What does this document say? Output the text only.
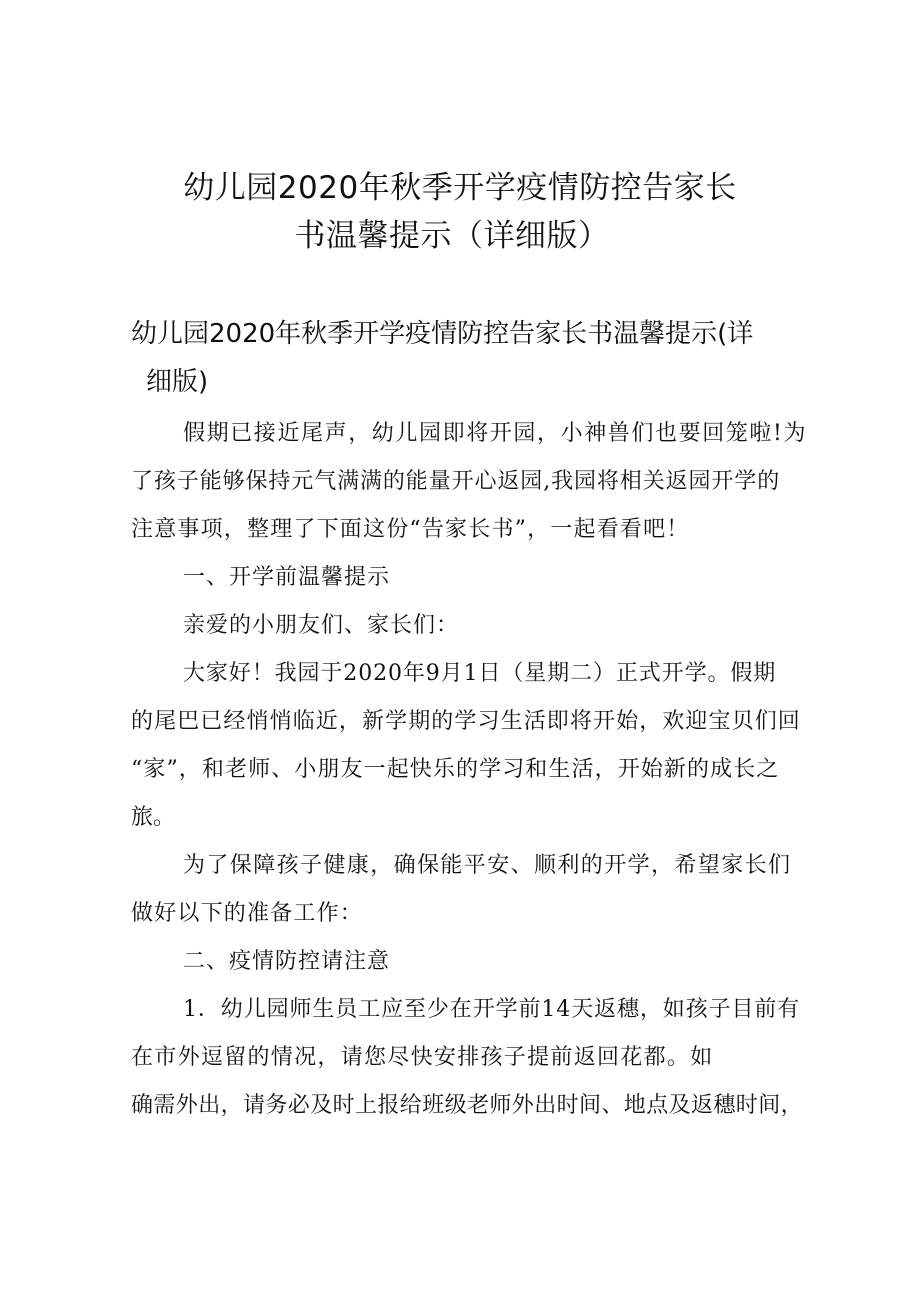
幼儿园2020年秋季开学疫情防控告家长
书温馨提示（详细版）
幼儿园2020年秋季开学疫情防控告家长书温馨提示(详
细版)
假期已接近尾声，幼儿园即将开园，小神兽们也要回笼啦!为
了孩子能够保持元气满满的能量开心返园,我园将相关返园开学的
注意事项，整理了下面这份“告家长书”，一起看看吧！
一、开学前温馨提示
亲爱的小朋友们、家长们：
大家好！我园于2020年9月1日（星期二）正式开学。假期
的尾巴已经悄悄临近，新学期的学习生活即将开始，欢迎宝贝们回
“家”，和老师、小朋友一起快乐的学习和生活，开始新的成长之
旅。
为了保障孩子健康，确保能平安、顺利的开学，希望家长们
做好以下的准备工作：
二、疫情防控请注意
1．幼儿园师生员工应至少在开学前14天返穗，如孩子目前有
在市外逗留的情况，请您尽快安排孩子提前返回花都。如
确需外出，请务必及时上报给班级老师外出时间、地点及返穗时间，
